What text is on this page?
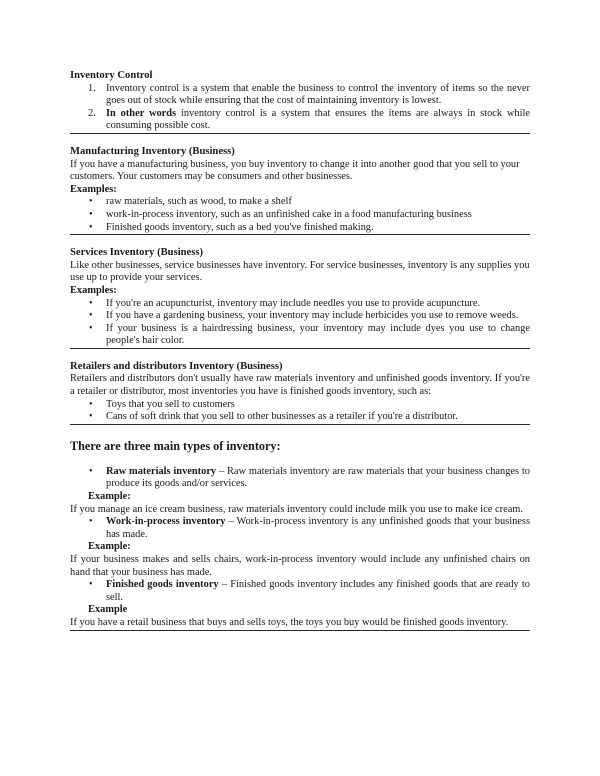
Inventory Control
1. Inventory control is a system that enable the business to control the inventory of items so the never goes out of stock while ensuring that the cost of maintaining inventory is lowest.
2. In other words inventory control is a system that ensures the items are always in stock while consuming possible cost.
Manufacturing Inventory (Business)
If you have a manufacturing business, you buy inventory to change it into another good that you sell to your customers. Your customers may be consumers and other businesses.
Examples:
• raw materials, such as wood, to make a shelf
• work-in-process inventory, such as an unfinished cake in a food manufacturing business
• Finished goods inventory, such as a bed you've finished making.
Services Inventory (Business)
Like other businesses, service businesses have inventory. For service businesses, inventory is any supplies you use up to provide your services.
Examples:
• If you're an acupuncturist, inventory may include needles you use to provide acupuncture.
• If you have a gardening business, your inventory may include herbicides you use to remove weeds.
• If your business is a hairdressing business, your inventory may include dyes you use to change people's hair color.
Retailers and distributors Inventory (Business)
Retailers and distributors don't usually have raw materials inventory and unfinished goods inventory. If you're a retailer or distributor, most inventories you have is finished goods inventory, such as:
• Toys that you sell to customers
• Cans of soft drink that you sell to other businesses as a retailer if you're a distributor.
There are three main types of inventory:
• Raw materials inventory – Raw materials inventory are raw materials that your business changes to produce its goods and/or services.
Example:
If you manage an ice cream business, raw materials inventory could include milk you use to make ice cream.
• Work-in-process inventory – Work-in-process inventory is any unfinished goods that your business has made.
Example:
If your business makes and sells chairs, work-in-process inventory would include any unfinished chairs on hand that your business has made.
• Finished goods inventory – Finished goods inventory includes any finished goods that are ready to sell.
Example
If you have a retail business that buys and sells toys, the toys you buy would be finished goods inventory.
